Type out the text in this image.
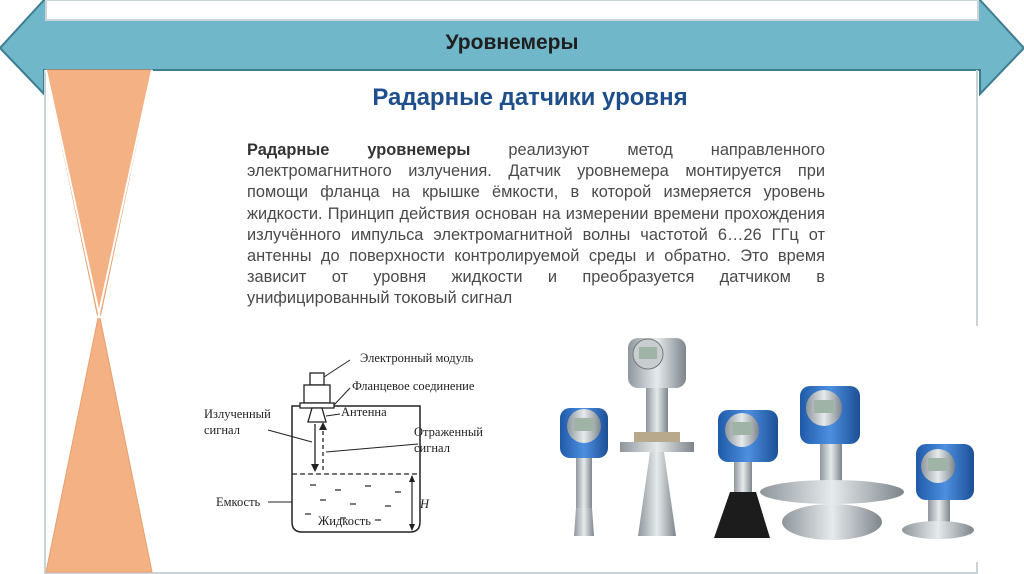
Уровнемеры
Радарные датчики уровня
Радарные уровнемеры реализуют метод направленного электромагнитного излучения. Датчик уровнемера монтируется при помощи фланца на крышке ёмкости, в которой измеряется уровень жидкости. Принцип действия основан на измерении времени прохождения излучённого импульса электромагнитной волны частотой 6…26 ГГц от антенны до поверхности контролируемой среды и обратно. Это время зависит от уровня жидкости и преобразуется датчиком в унифицированный токовый сигнал
Электронный модуль
Фланцевое соединение
Антенна
Излученный
сигнал	Отраженный
сигнал
Емкость
Жидкость
H
